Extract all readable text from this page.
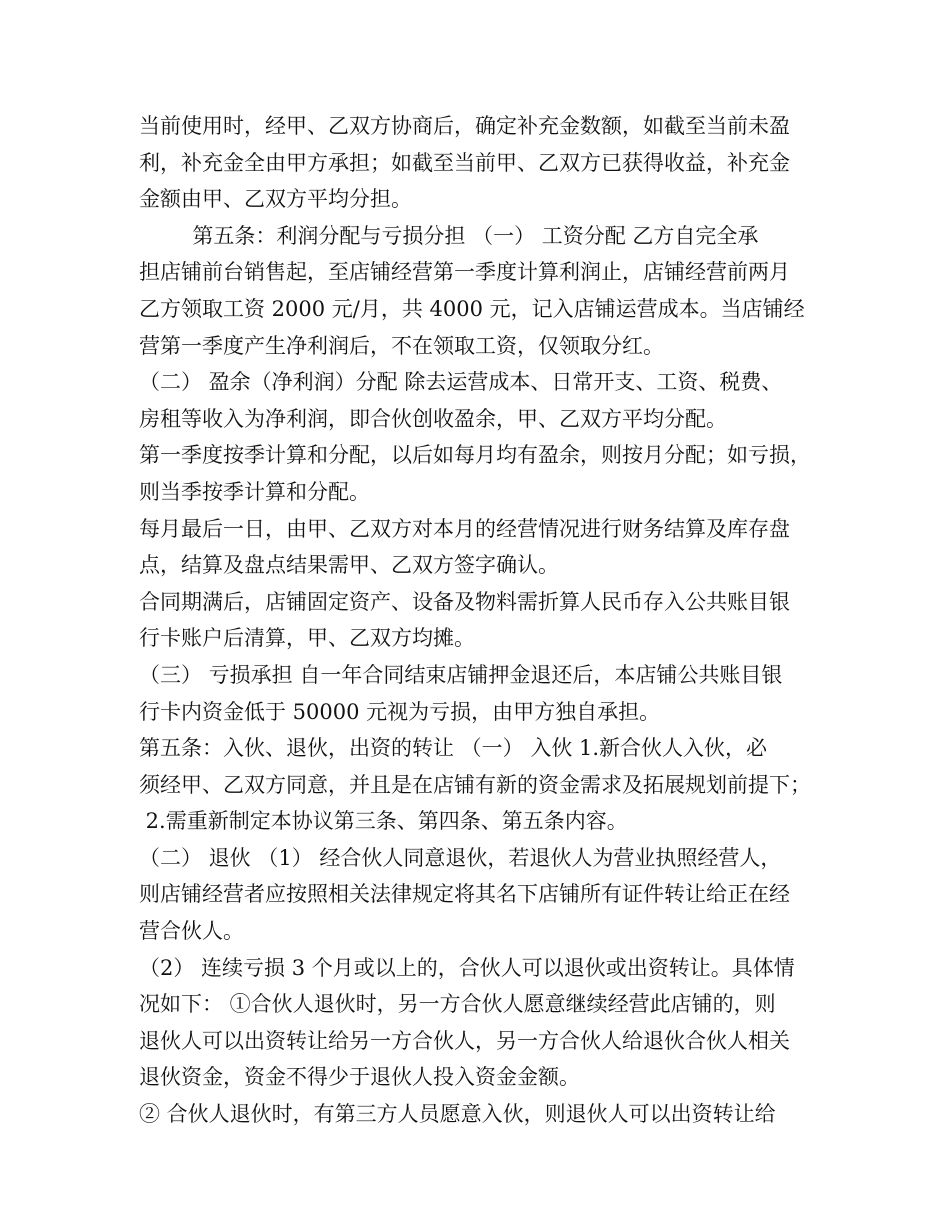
当前使用时，经甲、乙双方协商后，确定补充金数额，如截至当前未盈
利，补充金全由甲方承担；如截至当前甲、乙双方已获得收益，补充金
金额由甲、乙双方平均分担。
第五条：利润分配与亏损分担 （一） 工资分配 乙方自完全承
担店铺前台销售起，至店铺经营第一季度计算利润止，店铺经营前两月
乙方领取工资 2000 元/月，共 4000 元，记入店铺运营成本。当店铺经
营第一季度产生净利润后，不在领取工资，仅领取分红。
（二） 盈余（净利润）分配 除去运营成本、日常开支、工资、税费、
房租等收入为净利润，即合伙创收盈余，甲、乙双方平均分配。
第一季度按季计算和分配，以后如每月均有盈余，则按月分配；如亏损，
则当季按季计算和分配。
每月最后一日，由甲、乙双方对本月的经营情况进行财务结算及库存盘
点，结算及盘点结果需甲、乙双方签字确认。
合同期满后，店铺固定资产、设备及物料需折算人民币存入公共账目银
行卡账户后清算，甲、乙双方均摊。
（三） 亏损承担 自一年合同结束店铺押金退还后，本店铺公共账目银
行卡内资金低于 50000 元视为亏损，由甲方独自承担。
第五条：入伙、退伙，出资的转让 （一） 入伙 1.新合伙人入伙，必
须经甲、乙双方同意，并且是在店铺有新的资金需求及拓展规划前提下；
2.需重新制定本协议第三条、第四条、第五条内容。
（二） 退伙 （1） 经合伙人同意退伙，若退伙人为营业执照经营人，
则店铺经营者应按照相关法律规定将其名下店铺所有证件转让给正在经
营合伙人。
（2） 连续亏损 3 个月或以上的，合伙人可以退伙或出资转让。具体情
况如下： ①合伙人退伙时，另一方合伙人愿意继续经营此店铺的，则
退伙人可以出资转让给另一方合伙人，另一方合伙人给退伙合伙人相关
退伙资金，资金不得少于退伙人投入资金金额。
② 合伙人退伙时，有第三方人员愿意入伙，则退伙人可以出资转让给
